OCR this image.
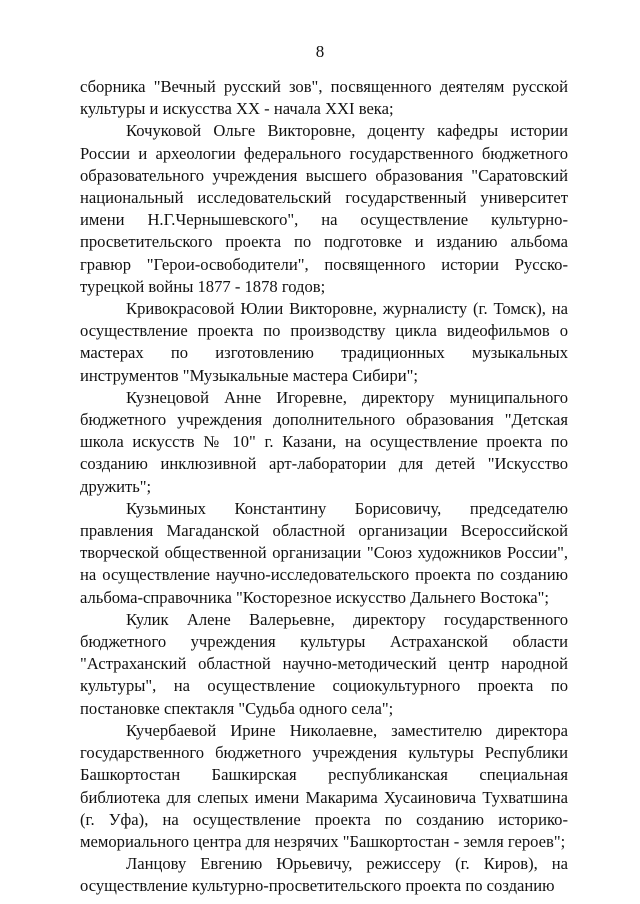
8

сборника "Вечный русский зов", посвященного деятелям русской культуры и искусства XX - начала XXI века;

Кочуковой Ольге Викторовне, доценту кафедры истории России и археологии федерального государственного бюджетного образовательного учреждения высшего образования "Саратовский национальный исследовательский государственный университет имени Н.Г.Чернышевского", на осуществление культурно-просветительского проекта по подготовке и изданию альбома гравюр "Герои-освободители", посвященного истории Русско-турецкой войны 1877 - 1878 годов;

Кривокрасовой Юлии Викторовне, журналисту (г. Томск), на осуществление проекта по производству цикла видеофильмов о мастерах по изготовлению традиционных музыкальных инструментов "Музыкальные мастера Сибири";

Кузнецовой Анне Игоревне, директору муниципального бюджетного учреждения дополнительного образования "Детская школа искусств № 10" г. Казани, на осуществление проекта по созданию инклюзивной арт-лаборатории для детей "Искусство дружить";

Кузьминых Константину Борисовичу, председателю правления Магаданской областной организации Всероссийской творческой общественной организации "Союз художников России", на осуществление научно-исследовательского проекта по созданию альбома-справочника "Косторезное искусство Дальнего Востока";

Кулик Алене Валерьевне, директору государственного бюджетного учреждения культуры Астраханской области "Астраханский областной научно-методический центр народной культуры", на осуществление социокультурного проекта по постановке спектакля "Судьба одного села";

Кучербаевой Ирине Николаевне, заместителю директора государственного бюджетного учреждения культуры Республики Башкортостан Башкирская республиканская специальная библиотека для слепых имени Макарима Хусаиновича Тухватшина (г. Уфа), на осуществление проекта по созданию историко-мемориального центра для незрячих "Башкортостан - земля героев";

Ланцову Евгению Юрьевичу, режиссеру (г. Киров), на осуществление культурно-просветительского проекта по созданию
